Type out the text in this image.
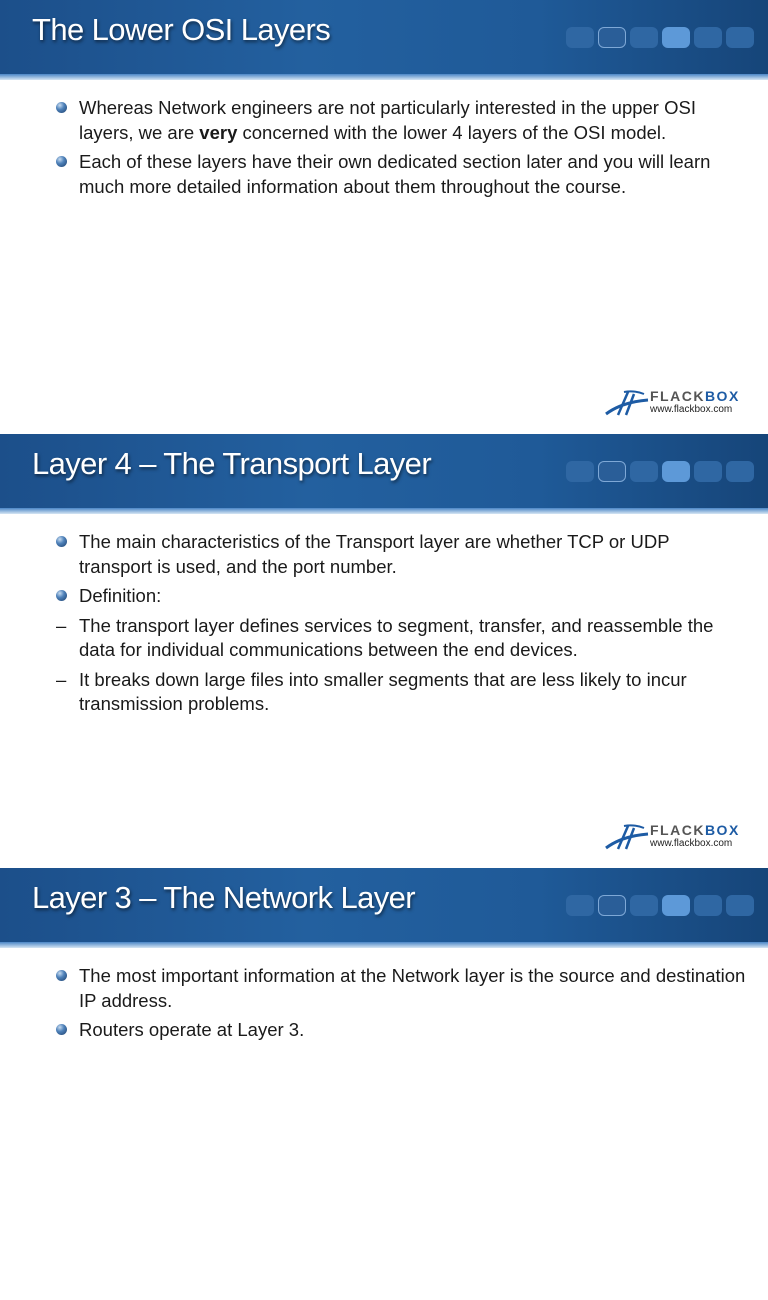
The Lower OSI Layers
Whereas Network engineers are not particularly interested in the upper OSI layers, we are very concerned with the lower 4 layers of the OSI model.
Each of these layers have their own dedicated section later and you will learn much more detailed information about them throughout the course.
FLACKBOX
www.flackbox.com
Layer 4 – The Transport Layer
The main characteristics of the Transport layer are whether TCP or UDP transport is used, and the port number.
Definition:
– The transport layer defines services to segment, transfer, and reassemble the data for individual communications between the end devices.
– It breaks down large files into smaller segments that are less likely to incur transmission problems.
FLACKBOX
www.flackbox.com
Layer 3 – The Network Layer
The most important information at the Network layer is the source and destination IP address.
Routers operate at Layer 3.
